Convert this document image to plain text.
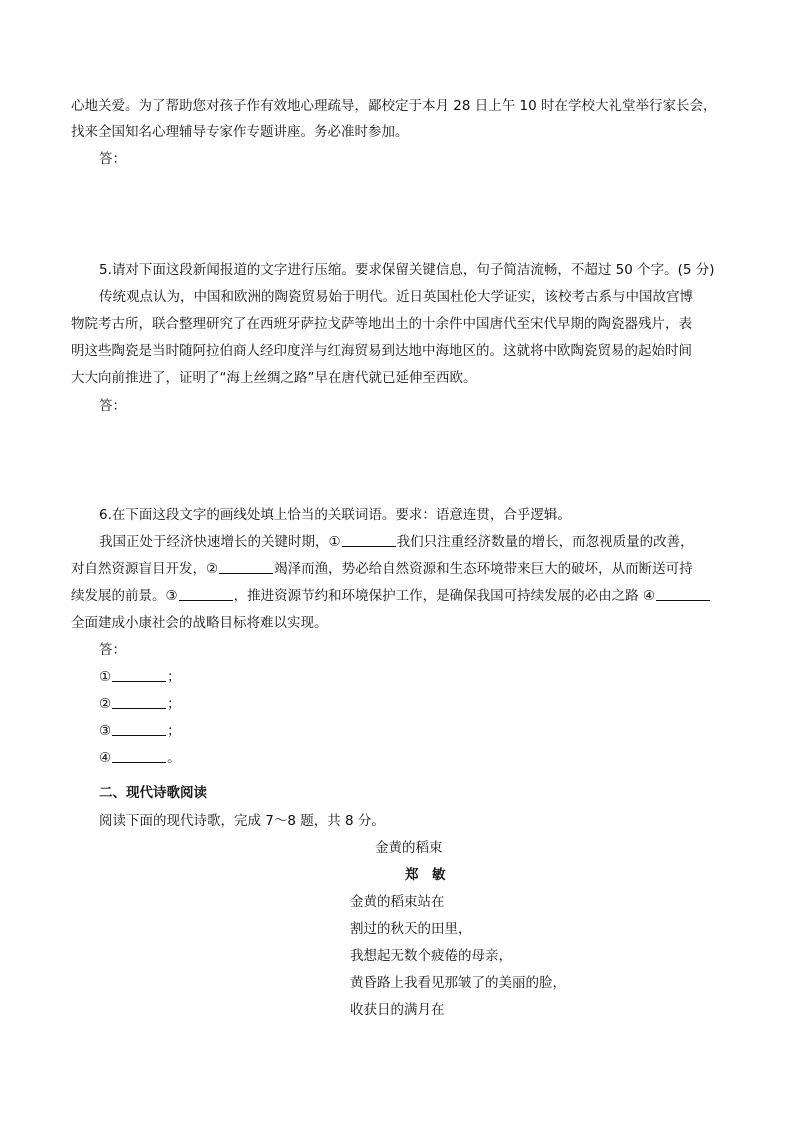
心地关爱。为了帮助您对孩子作有效地心理疏导，鄙校定于本月 28 日上午 10 时在学校大礼堂举行家长会，
找来全国知名心理辅导专家作专题讲座。务必准时参加。
答：
5.请对下面这段新闻报道的文字进行压缩。要求保留关键信息，句子简洁流畅，不超过 50 个字。(5 分)
传统观点认为，中国和欧洲的陶瓷贸易始于明代。近日英国杜伦大学证实，该校考古系与中国故宫博
物院考古所，联合整理研究了在西班牙萨拉戈萨等地出土的十余件中国唐代至宋代早期的陶瓷器残片，表
明这些陶瓷是当时随阿拉伯商人经印度洋与红海贸易到达地中海地区的。这就将中欧陶瓷贸易的起始时间
大大向前推进了，证明了“海上丝绸之路”早在唐代就已延伸至西欧。
答：
6.在下面这段文字的画线处填上恰当的关联词语。要求：语意连贯，合乎逻辑。
我国正处于经济快速增长的关键时期，①	我们只注重经济数量的增长，而忽视质量的改善，
对自然资源盲目开发，②	竭泽而渔，势必给自然资源和生态环境带来巨大的破坏，从而断送可持
续发展的前景。③	，推进资源节约和环境保护工作，是确保我国可持续发展的必由之路 ④
全面建成小康社会的战略目标将难以实现。
答：
①	；
②	；
③	；
④	。
二、现代诗歌阅读
阅读下面的现代诗歌，完成 7～8 题，共 8 分。
金黄的稻束
郑　敏
金黄的稻束站在
割过的秋天的田里，
我想起无数个疲倦的母亲，
黄昏路上我看见那皱了的美丽的脸，
收获日的满月在
